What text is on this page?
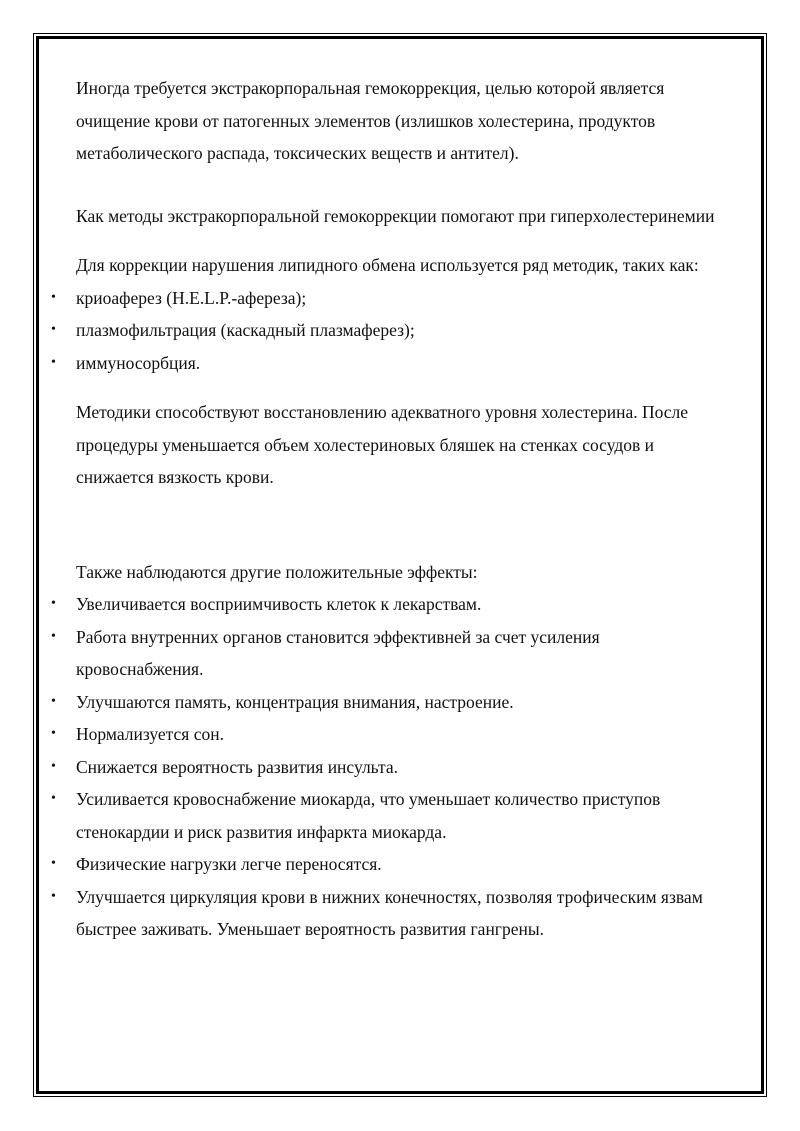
Иногда требуется экстракорпоральная гемокоррекция, целью которой является очищение крови от патогенных элементов (излишков холестерина, продуктов метаболического распада, токсических веществ и антител).

Как методы экстракорпоральной гемокоррекции помогают при гиперхолестеринемии

Для коррекции нарушения липидного обмена используется ряд методик, таких как:

• криоаферез (H.E.L.P.-афереза);
• плазмофильтрация (каскадный плазмаферез);
• иммуносорбция.

Методики способствуют восстановлению адекватного уровня холестерина. После процедуры уменьшается объем холестериновых бляшек на стенках сосудов и снижается вязкость крови.

Также наблюдаются другие положительные эффекты:

• Увеличивается восприимчивость клеток к лекарствам.
• Работа внутренних органов становится эффективней за счет усиления кровоснабжения.
• Улучшаются память, концентрация внимания, настроение.
• Нормализуется сон.
• Снижается вероятность развития инсульта.
• Усиливается кровоснабжение миокарда, что уменьшает количество приступов стенокардии и риск развития инфаркта миокарда.
• Физические нагрузки легче переносятся.
• Улучшается циркуляция крови в нижних конечностях, позволяя трофическим язвам быстрее заживать. Уменьшает вероятность развития гангрены.
